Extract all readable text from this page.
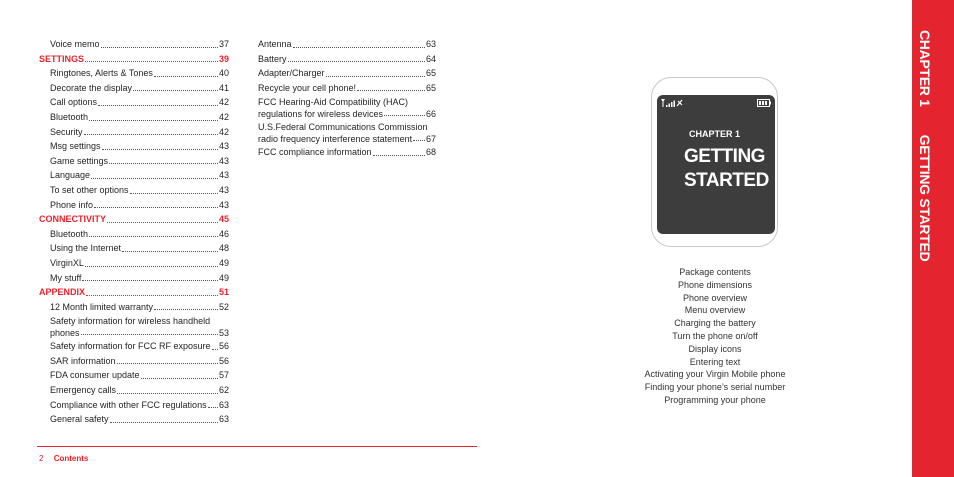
Voice memo	37
SETTINGS	39
Ringtones, Alerts & Tones	40
Decorate the display	41
Call options	42
Bluetooth	42
Security	42
Msg settings	43
Game settings	43
Language	43
To set other options	43
Phone info	43
CONNECTIVITY	45
Bluetooth	46
Using the Internet	48
VirginXL	49
My stuff	49
APPENDIX	51
12 Month limited warranty	52
Safety information for wireless handheld
phones	53
Safety information for FCC RF exposure 56
SAR information	56
FDA consumer update	57
Emergency calls	62
Compliance with other FCC regulations 63
General safety	63
Antenna	63
Battery	64
Adapter/Charger	65
Recycle your cell phone!	65
FCC Hearing-Aid Compatibility (HAC)
regulations for wireless devices	66
U.S.Federal Communications Commission
radio frequency interference statement 67
FCC compliance information	68
2 Contents
CHAPTER 1
GETTING
STARTED
Package contents
Phone dimensions
Phone overview
Menu overview
Charging the battery
Turn the phone on/off
Display icons
Entering text
Activating your Virgin Mobile phone
Finding your phone’s serial number
Programming your phone
CHAPTER 1GETTING STARTED
